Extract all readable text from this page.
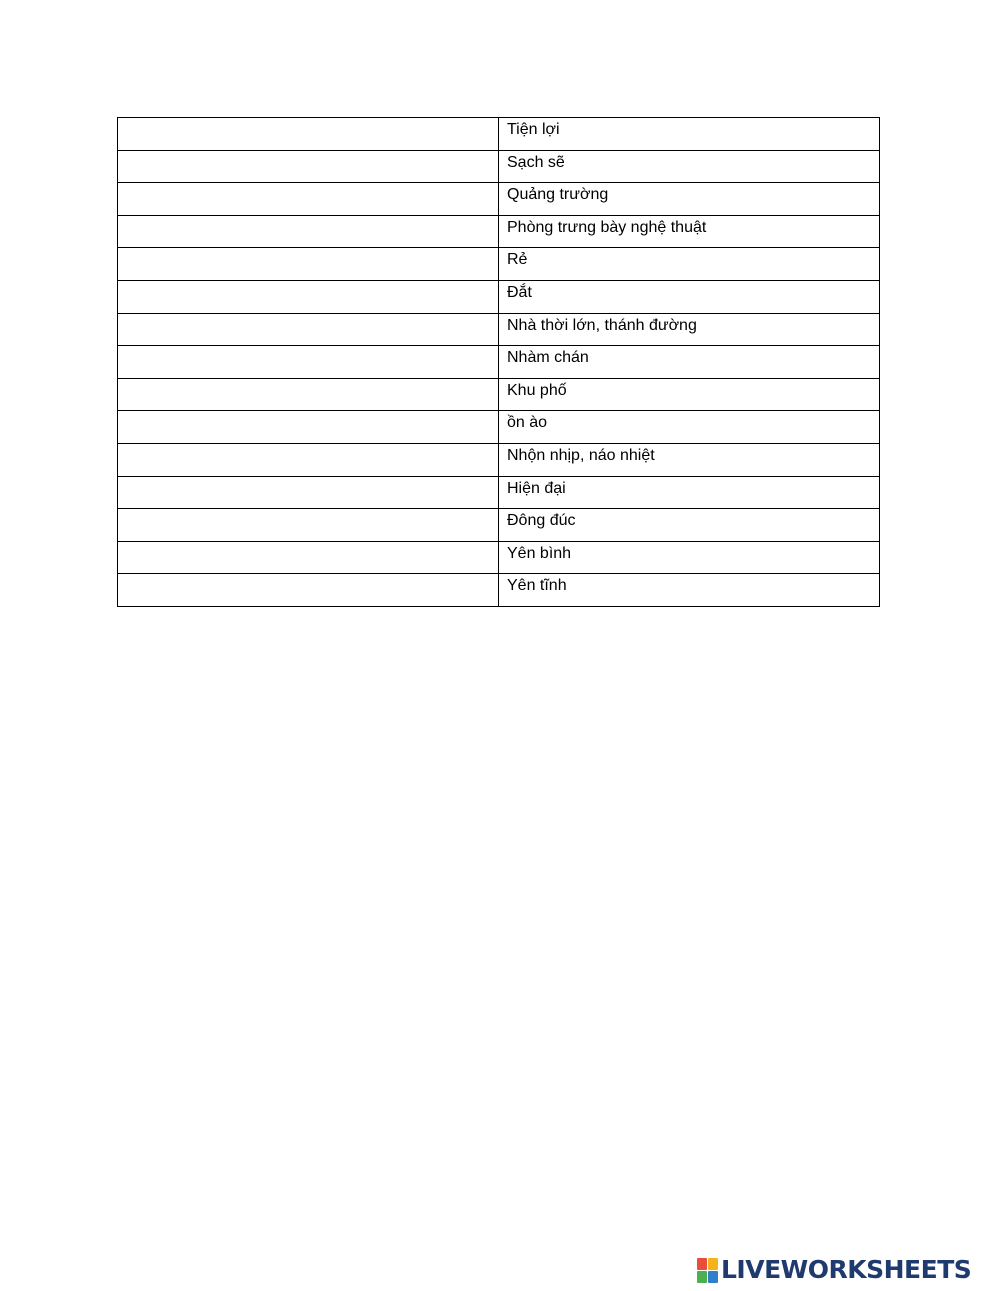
	Tiện lợi
	Sạch sẽ
	Quảng trường
	Phòng trưng bày nghệ thuật
	Rẻ
	Đắt
	Nhà thời lớn, thánh đường
	Nhàm chán
	Khu phố
	ồn ào
	Nhộn nhịp, náo nhiệt
	Hiện đại
	Đông đúc
	Yên bình
	Yên tĩnh
LIVEWORKSHEETS
